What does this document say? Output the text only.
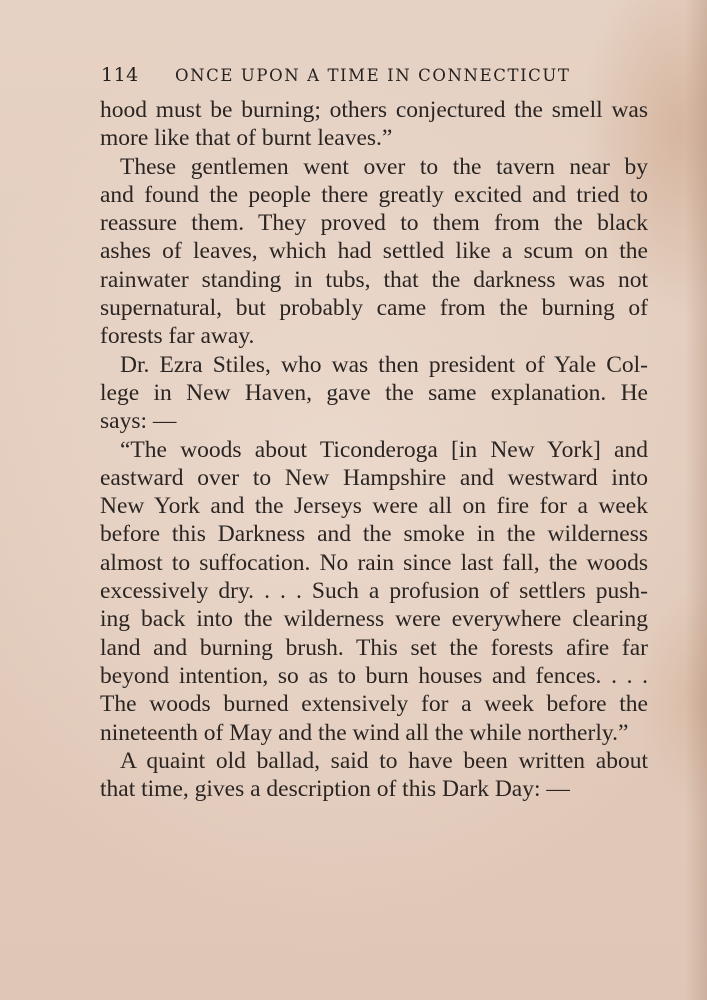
114 ONCE UPON A TIME IN CONNECTICUT

hood must be burning; others conjectured the smell was
more like that of burnt leaves.”

These gentlemen went over to the tavern near by
and found the people there greatly excited and tried to
reassure them. They proved to them from the black
ashes of leaves, which had settled like a scum on the
rainwater standing in tubs, that the darkness was not
supernatural, but probably came from the burning of
forests far away.

Dr. Ezra Stiles, who was then president of Yale Col-
lege in New Haven, gave the same explanation. He
says: —

“The woods about Ticonderoga [in New York] and
eastward over to New Hampshire and westward into
New York and the Jerseys were all on fire for a week
before this Darkness and the smoke in the wilderness
almost to suffocation. No rain since last fall, the woods
excessively dry. . . . Such a profusion of settlers push-
ing back into the wilderness were everywhere clearing
land and burning brush. This set the forests afire far
beyond intention, so as to burn houses and fences. . . .
The woods burned extensively for a week before the
nineteenth of May and the wind all the while northerly.”

A quaint old ballad, said to have been written about
that time, gives a description of this Dark Day: —
